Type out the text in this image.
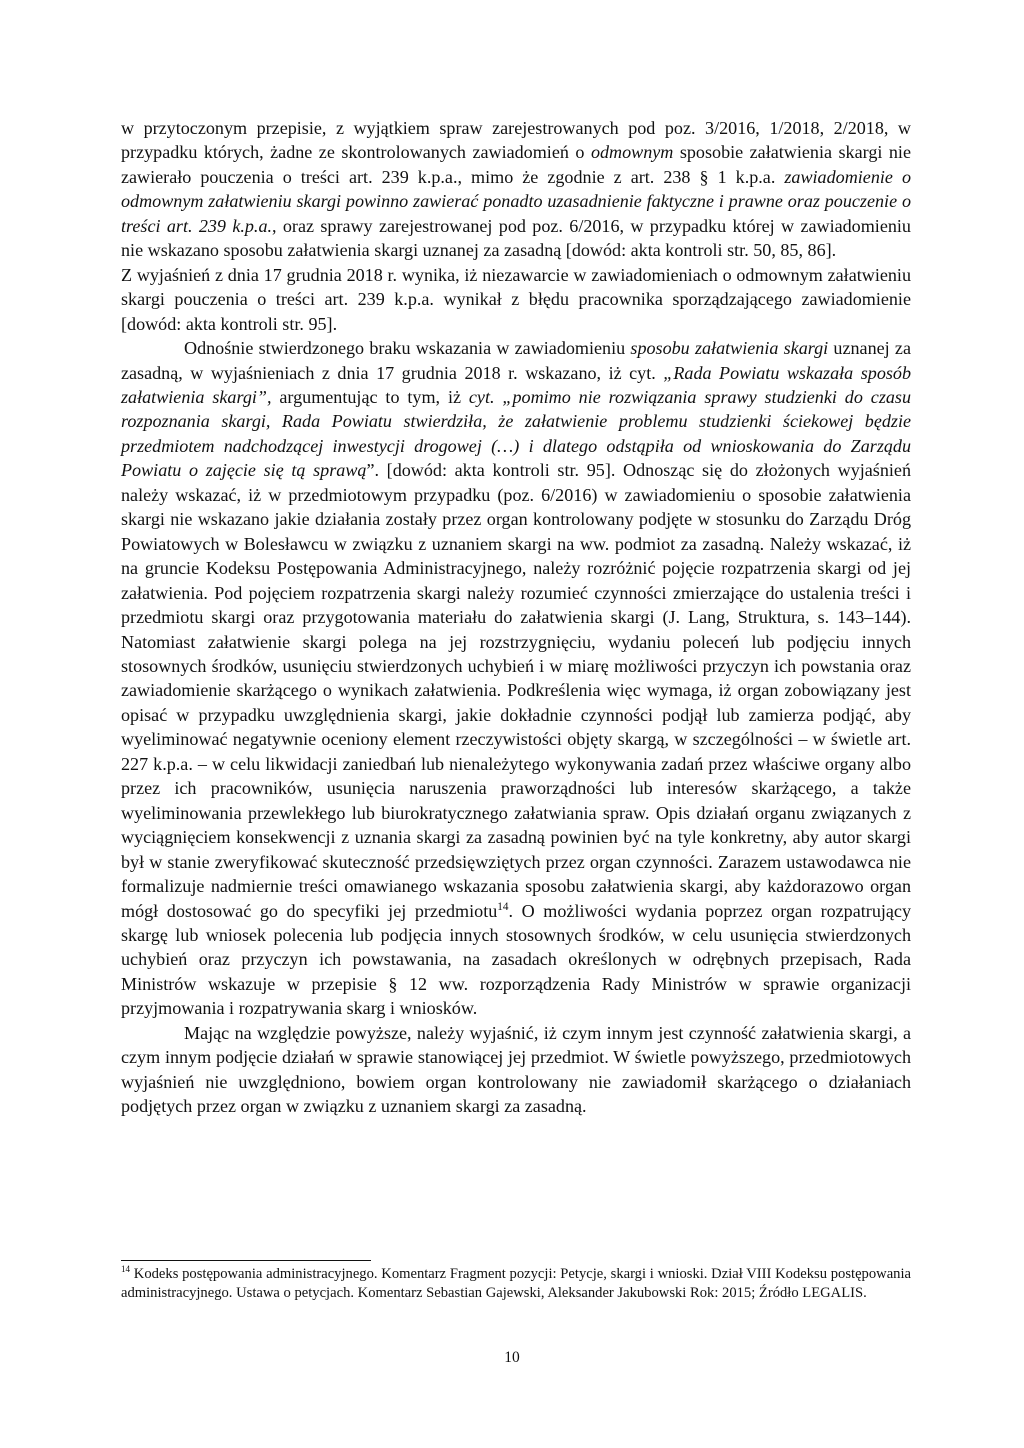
w przytoczonym przepisie, z wyjątkiem spraw zarejestrowanych pod poz. 3/2016, 1/2018, 2/2018, w przypadku których, żadne ze skontrolowanych zawiadomień o odmownym sposobie załatwienia skargi nie zawierało pouczenia o treści art. 239 k.p.a., mimo że zgodnie z art. 238 § 1 k.p.a. zawiadomienie o odmownym załatwieniu skargi powinno zawierać ponadto uzasadnienie faktyczne i prawne oraz pouczenie o treści art. 239 k.p.a., oraz sprawy zarejestrowanej pod poz. 6/2016, w przypadku której w zawiadomieniu nie wskazano sposobu załatwienia skargi uznanej za zasadną [dowód: akta kontroli str. 50, 85, 86].

Z wyjaśnień z dnia 17 grudnia 2018 r. wynika, iż niezawarcie w zawiadomieniach o odmownym załatwieniu skargi pouczenia o treści art. 239 k.p.a. wynikał z błędu pracownika sporządzającego zawiadomienie [dowód: akta kontroli str. 95].

Odnośnie stwierdzonego braku wskazania w zawiadomieniu sposobu załatwienia skargi uznanej za zasadną, w wyjaśnieniach z dnia 17 grudnia 2018 r. wskazano, iż cyt. „Rada Powiatu wskazała sposób załatwienia skargi”, argumentując to tym, iż cyt. „pomimo nie rozwiązania sprawy studzienki do czasu rozpoznania skargi, Rada Powiatu stwierdziła, że załatwienie problemu studzienki ściekowej będzie przedmiotem nadchodzącej inwestycji drogowej (…) i dlatego odstąpiła od wnioskowania do Zarządu Powiatu o zajęcie się tą sprawą”. [dowód: akta kontroli str. 95]. Odnosząc się do złożonych wyjaśnień należy wskazać, iż w przedmiotowym przypadku (poz. 6/2016) w zawiadomieniu o sposobie załatwienia skargi nie wskazano jakie działania zostały przez organ kontrolowany podjęte w stosunku do Zarządu Dróg Powiatowych w Bolesławcu w związku z uznaniem skargi na ww. podmiot za zasadną. Należy wskazać, iż na gruncie Kodeksu Postępowania Administracyjnego, należy rozróżnić pojęcie rozpatrzenia skargi od jej załatwienia. Pod pojęciem rozpatrzenia skargi należy rozumieć czynności zmierzające do ustalenia treści i przedmiotu skargi oraz przygotowania materiału do załatwienia skargi (J. Lang, Struktura, s. 143–144). Natomiast załatwienie skargi polega na jej rozstrzygnięciu, wydaniu poleceń lub podjęciu innych stosownych środków, usunięciu stwierdzonych uchybień i w miarę możliwości przyczyn ich powstania oraz zawiadomienie skarżącego o wynikach załatwienia. Podkreślenia więc wymaga, iż organ zobowiązany jest opisać w przypadku uwzględnienia skargi, jakie dokładnie czynności podjął lub zamierza podjąć, aby wyeliminować negatywnie oceniony element rzeczywistości objęty skargą, w szczególności – w świetle art. 227 k.p.a. – w celu likwidacji zaniedbań lub nienależytego wykonywania zadań przez właściwe organy albo przez ich pracowników, usunięcia naruszenia praworządności lub interesów skarżącego, a także wyeliminowania przewlekłego lub biurokratycznego załatwiania spraw. Opis działań organu związanych z wyciągnięciem konsekwencji z uznania skargi za zasadną powinien być na tyle konkretny, aby autor skargi był w stanie zweryfikować skuteczność przedsięwziętych przez organ czynności. Zarazem ustawodawca nie formalizuje nadmiernie treści omawianego wskazania sposobu załatwienia skargi, aby każdorazowo organ mógł dostosować go do specyfiki jej przedmiotu$^{14}$. O możliwości wydania poprzez organ rozpatrujący skargę lub wniosek polecenia lub podjęcia innych stosownych środków, w celu usunięcia stwierdzonych uchybień oraz przyczyn ich powstawania, na zasadach określonych w odrębnych przepisach, Rada Ministrów wskazuje w przepisie § 12 ww. rozporządzenia Rady Ministrów w sprawie organizacji przyjmowania i rozpatrywania skarg i wniosków.

Mając na względzie powyższe, należy wyjaśnić, iż czym innym jest czynność załatwienia skargi, a czym innym podjęcie działań w sprawie stanowiącej jej przedmiot. W świetle powyższego, przedmiotowych wyjaśnień nie uwzględniono, bowiem organ kontrolowany nie zawiadomił skarżącego o działaniach podjętych przez organ w związku z uznaniem skargi za zasadną.

$^{14}$ Kodeks postępowania administracyjnego. Komentarz Fragment pozycji: Petycje, skargi i wnioski. Dział VIII Kodeksu postępowania administracyjnego. Ustawa o petycjach. Komentarz Sebastian Gajewski, Aleksander Jakubowski Rok: 2015; Źródło LEGALIS.
10
